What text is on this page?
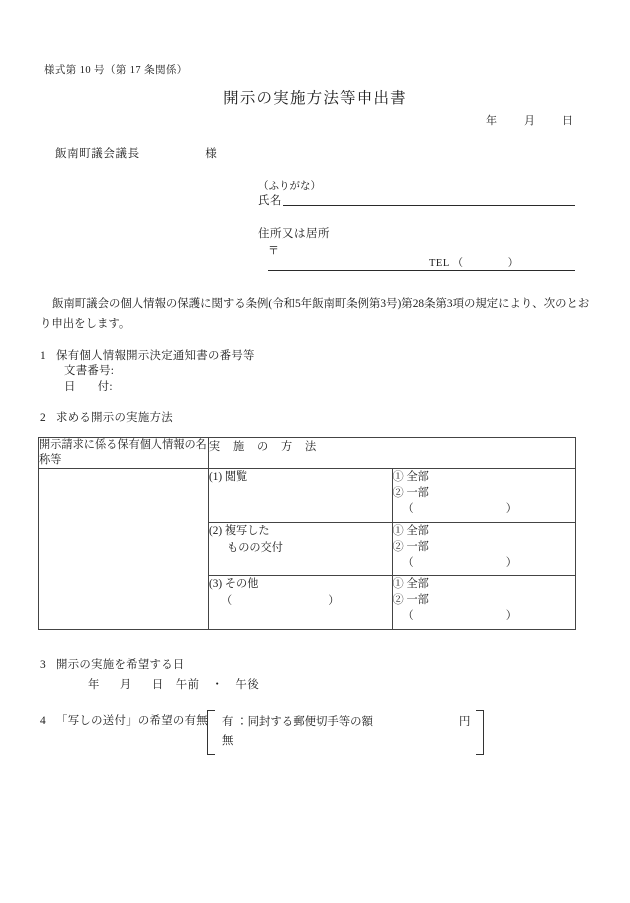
様式第 10 号（第 17 条関係）
開示の実施方法等申出書
年 月 日
飯南町議会議長	様
（ふりがな）
氏名
住所又は居所
〒
TEL （	）
飯南町議会の個人情報の保護に関する条例(令和5年飯南町条例第3号)第28条第3項の規定により、次のとおり申出をします。
1 保有個人情報開示決定通知書の番号等
文書番号:
日 付:
2 求める開示の実施方法
開示請求に係る保有個人情報の名称等	実 施 の 方 法	
	(1) 閲覧	① 全部
② 一部
（ ）

	(2) 複写した
ものの交付	① 全部
② 一部
（ ）

	(3) その他
（ ）	① 全部
② 一部
（ ）
3 開示の実施を希望する日
年 月 日 午前 ・ 午後
4 「写しの送付」の希望の有無 有 ：同封する郵便切手等の額	円
無
